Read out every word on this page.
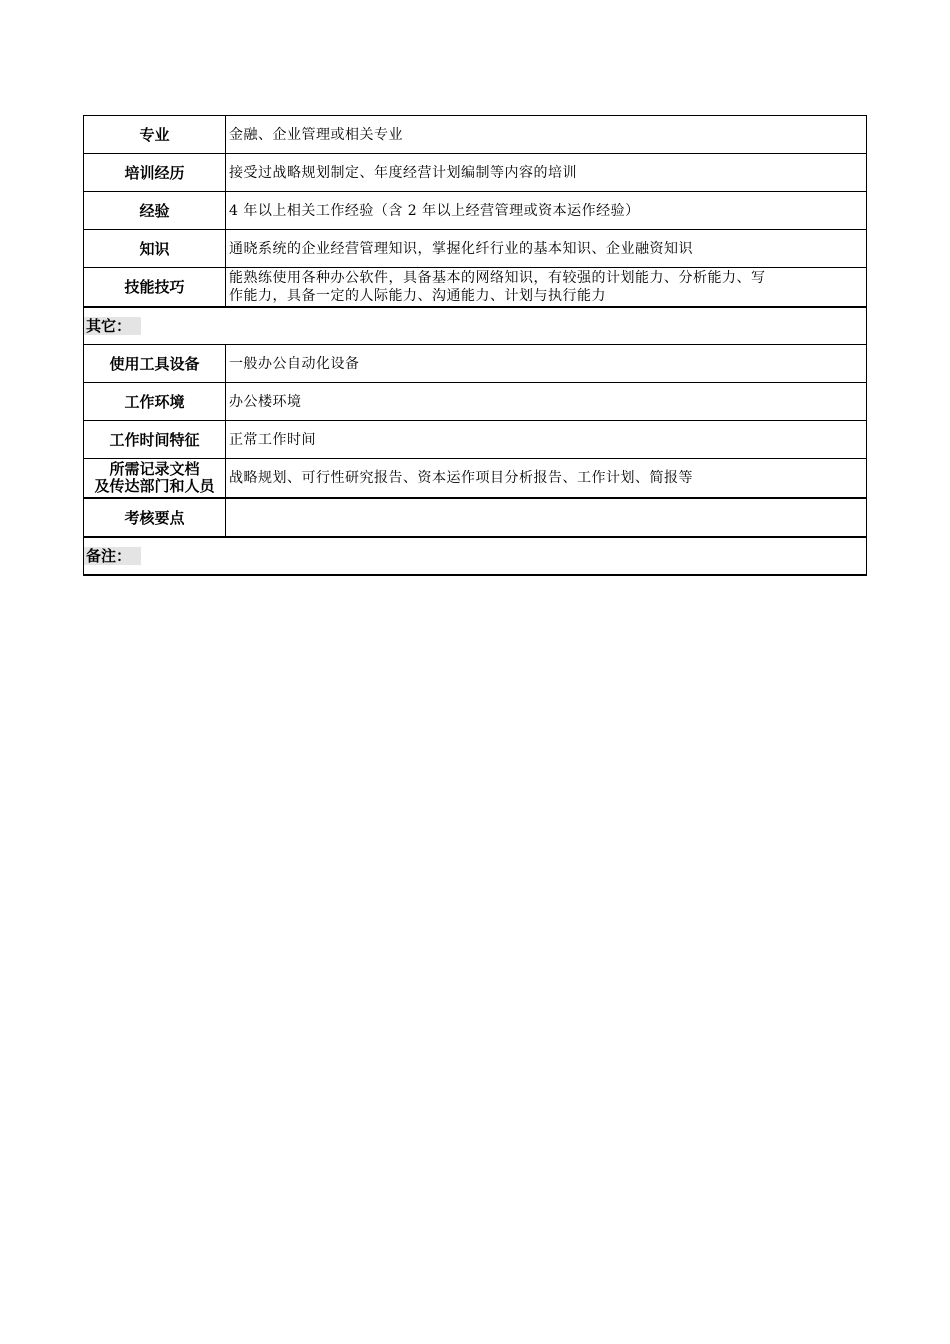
专业	金融、企业管理或相关专业
培训经历	接受过战略规划制定、年度经营计划编制等内容的培训
经验	4 年以上相关工作经验（含 2 年以上经营管理或资本运作经验）
知识	通晓系统的企业经营管理知识，掌握化纤行业的基本知识、企业融资知识
技能技巧	能熟练使用各种办公软件，具备基本的网络知识，有较强的计划能力、分析能力、写
作能力，具备一定的人际能力、沟通能力、计划与执行能力

其它：	
使用工具设备	一般办公自动化设备
工作环境	办公楼环境
工作时间特征	正常工作时间

所需记录文档
及传达部门和人员	战略规划、可行性研究报告、资本运作项目分析报告、工作计划、简报等
考核要点	
备注：	
